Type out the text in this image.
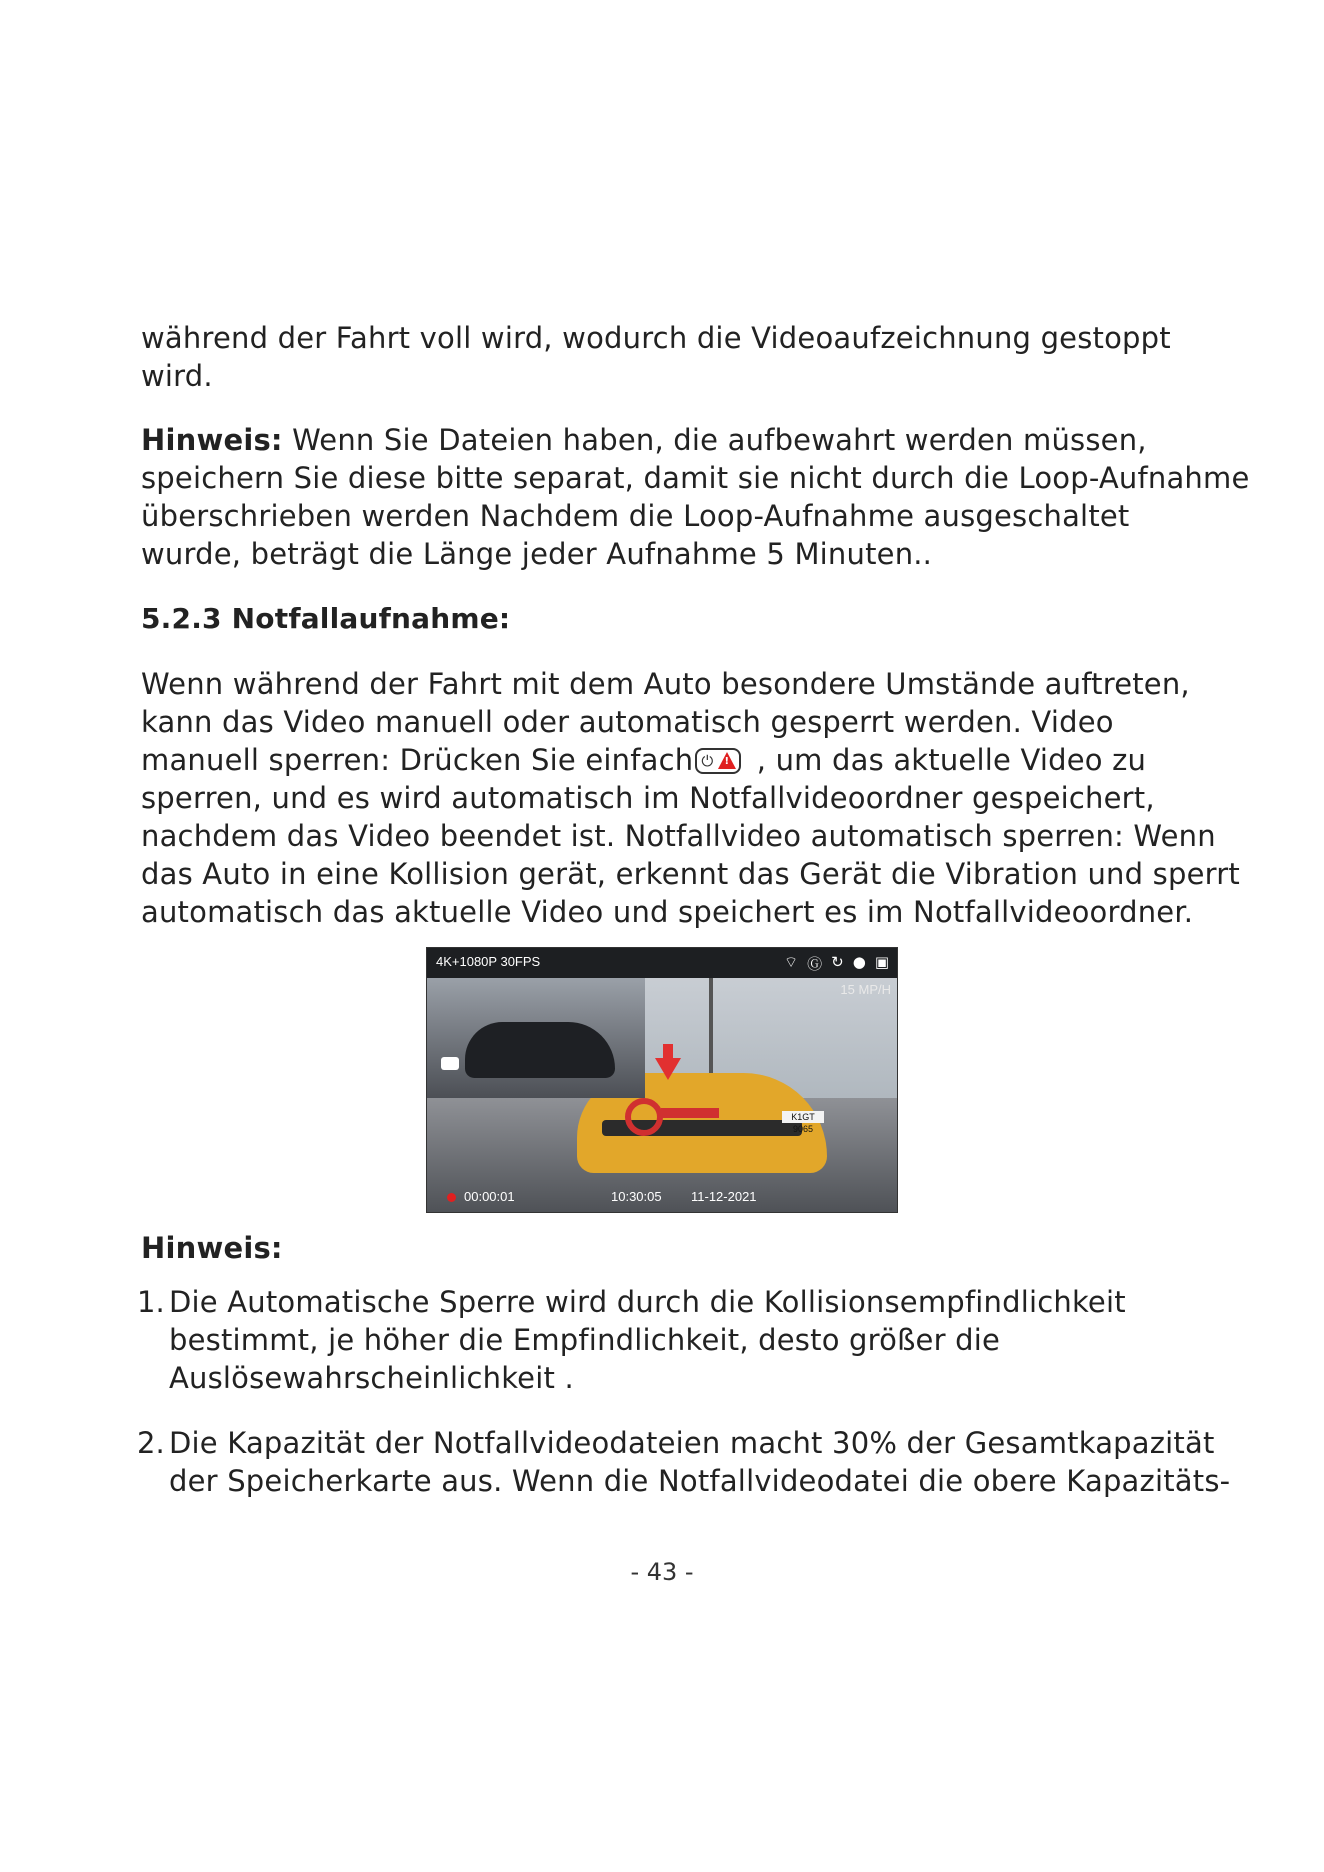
während der Fahrt voll wird, wodurch die Videoaufzeichnung gestoppt
wird.
Hinweis: Wenn Sie Dateien haben, die aufbewahrt werden müssen,
speichern Sie diese bitte separat, damit sie nicht durch die Loop-Aufnahme
überschrieben werden Nachdem die Loop-Aufnahme ausgeschaltet
wurde, beträgt die Länge jeder Aufnahme 5 Minuten..
5.2.3 Notfallaufnahme:
Wenn während der Fahrt mit dem Auto besondere Umstände auftreten,
kann das Video manuell oder automatisch gesperrt werden. Video
manuell sperren: Drücken Sie einfach ⏻ ! , um das aktuelle Video zu
sperren, und es wird automatisch im Notfallvideoordner gespeichert,
nachdem das Video beendet ist. Notfallvideo automatisch sperren: Wenn
das Auto in eine Kollision gerät, erkennt das Gerät die Vibration und sperrt
automatisch das aktuelle Video und speichert es im Notfallvideoordner.
K1GT 9065
4K+1080P 30FPS	⌔ Ⓖ ↻ ● ▣
15 MP/H
00:00:01	10:30:05 11-12-2021
Hinweis:
1. Die Automatische Sperre wird durch die Kollisionsempfindlichkeit
bestimmt, je höher die Empfindlichkeit, desto größer die
Auslösewahrscheinlichkeit .
2. Die Kapazität der Notfallvideodateien macht 30% der Gesamtkapazität
der Speicherkarte aus. Wenn die Notfallvideodatei die obere Kapazitäts-
- 43 -
